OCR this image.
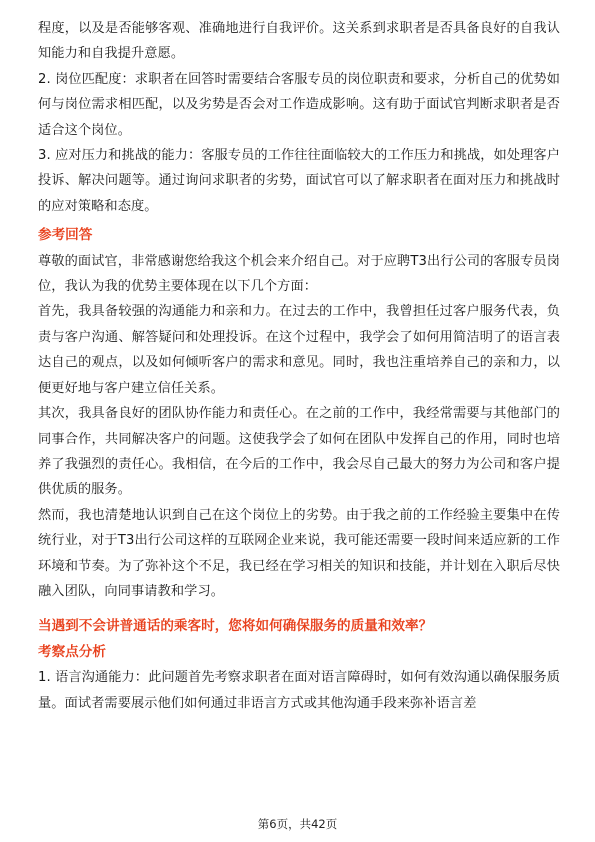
程度，以及是否能够客观、准确地进行自我评价。这关系到求职者是否具备良好的自我认知能力和自我提升意愿。

2. 岗位匹配度：求职者在回答时需要结合客服专员的岗位职责和要求，分析自己的优势如何与岗位需求相匹配，以及劣势是否会对工作造成影响。这有助于面试官判断求职者是否适合这个岗位。

3. 应对压力和挑战的能力：客服专员的工作往往面临较大的工作压力和挑战，如处理客户投诉、解决问题等。通过询问求职者的劣势，面试官可以了解求职者在面对压力和挑战时的应对策略和态度。

参考回答

尊敬的面试官，非常感谢您给我这个机会来介绍自己。对于应聘T3出行公司的客服专员岗位，我认为我的优势主要体现在以下几个方面：

首先，我具备较强的沟通能力和亲和力。在过去的工作中，我曾担任过客户服务代表，负责与客户沟通、解答疑问和处理投诉。在这个过程中，我学会了如何用简洁明了的语言表达自己的观点，以及如何倾听客户的需求和意见。同时，我也注重培养自己的亲和力，以便更好地与客户建立信任关系。

其次，我具备良好的团队协作能力和责任心。在之前的工作中，我经常需要与其他部门的同事合作，共同解决客户的问题。这使我学会了如何在团队中发挥自己的作用，同时也培养了我强烈的责任心。我相信，在今后的工作中，我会尽自己最大的努力为公司和客户提供优质的服务。

然而，我也清楚地认识到自己在这个岗位上的劣势。由于我之前的工作经验主要集中在传统行业，对于T3出行公司这样的互联网企业来说，我可能还需要一段时间来适应新的工作环境和节奏。为了弥补这个不足，我已经在学习相关的知识和技能，并计划在入职后尽快融入团队，向同事请教和学习。

当遇到不会讲普通话的乘客时，您将如何确保服务的质量和效率？

考察点分析

1. 语言沟通能力：此问题首先考察求职者在面对语言障碍时，如何有效沟通以确保服务质量。面试者需要展示他们如何通过非语言方式或其他沟通手段来弥补语言差

第6页，共42页
